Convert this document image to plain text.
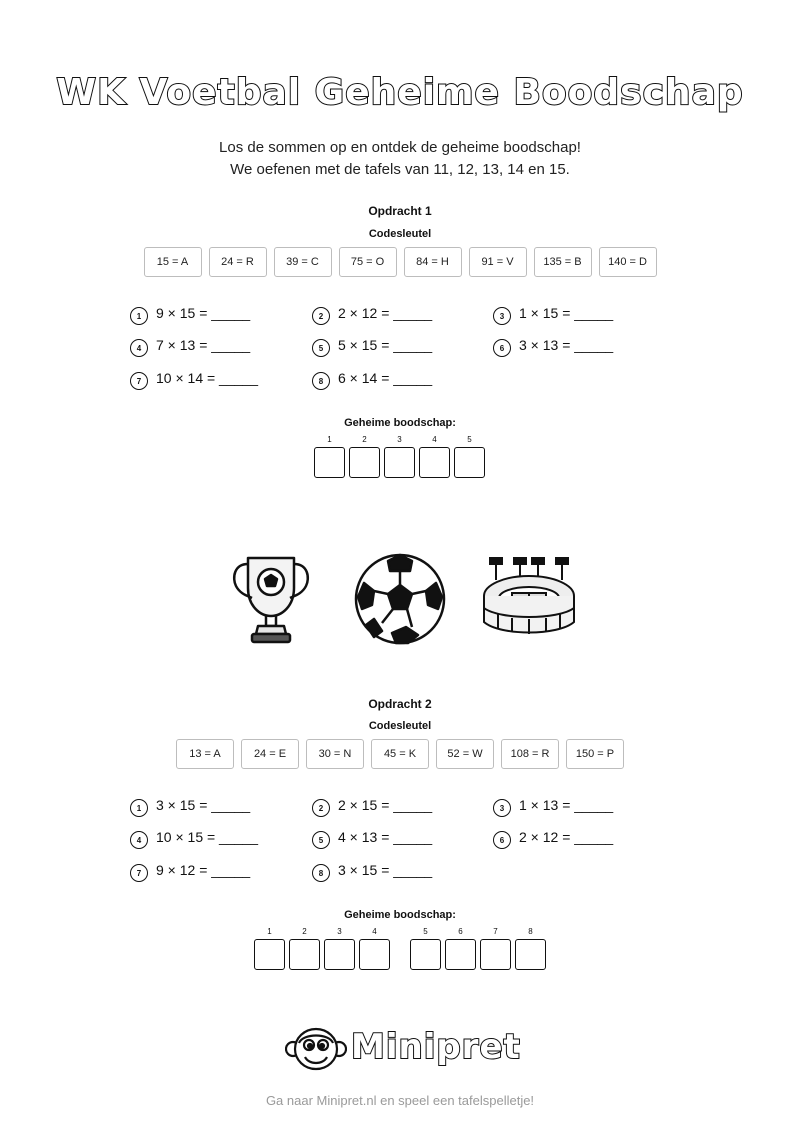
WK Voetbal Geheime Boodschap
Los de sommen op en ontdek de geheime boodschap!
We oefenen met de tafels van 11, 12, 13, 14 en 15.
Opdracht 1
Codesleutel
15 = A	24 = R	39 = C	75 = O	84 = H	91 = V	135 = B	140 = D
1	9 × 15 = _____	2	2 × 12 = _____	3	1 × 15 = _____
4	7 × 13 = _____	5	5 × 15 = _____	6	3 × 13 = _____
7	10 × 14 = _____	8	6 × 14 = _____
Geheime boodschap:
1	2	3	4	5
Opdracht 2
Codesleutel
13 = A	24 = E	30 = N	45 = K	52 = W	108 = R	150 = P
1	3 × 15 = _____	2	2 × 15 = _____	3	1 × 13 = _____
4	10 × 15 = _____	5	4 × 13 = _____	6	2 × 12 = _____
7	9 × 12 = _____	8	3 × 15 = _____
Geheime boodschap:
1	2	3	4	5	6	7	8
Minipret
Ga naar Minipret.nl en speel een tafelspelletje!
